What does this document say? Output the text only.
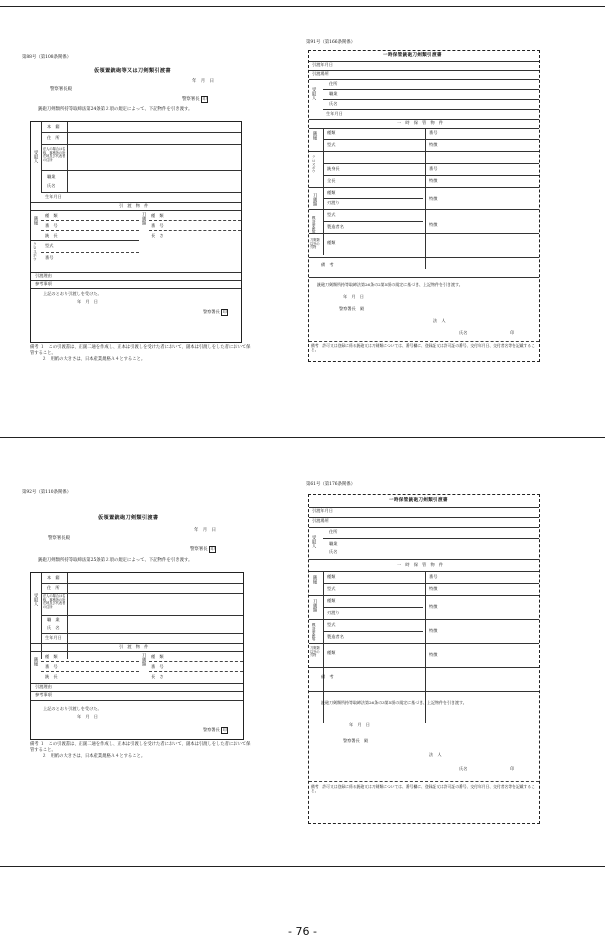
第88号（第108条関係）
仮領置銃砲等又は刀剣類引渡書
年　月　日
警察署長殿
警察署長 印
銃砲刀剣類所持等取締法第24条第２項の規定によって、下記物件を引き渡す。
受取人
本　籍
住　所
法人の場合は名称、事務所の所在地及び代表者の住所
職業
氏名
生年月日
引　渡　物　件
銃砲
種　類
番　号
銃　長
刀剣類 種　類
番　号
長　さ
クロスボウ 型式
番号
引渡理由
参考事項
上記のとおり引渡しを受けた。
年　月　日
警察署長 印
備考 １　この引渡書は、正副二通を作成し、正本は引渡しを受けた者において、副本は引渡しをした者において保管すること。
２　用紙の大きさは、日本産業規格Ａ４とすること。
第91号（第166条関係）
一時保管銃砲刀剣類引渡書
引渡年月日
引渡場所
受取人
住所
職業
氏名
生年月日
一　時　保　管　物　件
銃砲
クロスボウ
刀剣類
模造拳銃等
刀剣類以外の刃物
種類
型式
銃身長
全長
種類
刃渡り
型式
製造者名
種類
番号
特徴
番号
特徴
特徴
特徴
備　考
銃砲刀剣類所持等取締法第26条の2第5項の規定に基づき、上記物件を引き渡す。
年　月　日
警察署長　殿
法　人
氏名	印
備考　許可又は登録に係る銃砲又は刀剣類については、番号欄に、登録証又は許可証の番号、交付年月日、交付者名等を記載すること。
第92号（第110条関係）
仮領置銃砲刀剣類引渡書
年　月　日
警察署長殿
警察署長 印
銃砲刀剣類所持等取締法第25条第２項の規定によって、下記物件を引き渡す。
受取人
本　籍
住　所
法人の場合は名称、事務所の所在地及び代表者の住所
職　業
氏　名
生年月日
引　渡　物　件
銃砲
種　類
番　号
銃　長
刀剣類 種　類
番　号
長　さ
引渡理由
参考事項
上記のとおり引渡しを受けた。
年　月　日
警察署長 印
備考 １　この引渡書は、正副二通を作成し、正本は引渡しを受けた者において、副本は引渡しをした者において保管すること。
２　用紙の大きさは、日本産業規格Ａ４とすること。
第61号（第176条関係）
一時保管銃砲刀剣類引渡書
引渡年月日
引渡場所
受取人
住所
職業
氏名
一　時　保　管　物　件
銃砲
刀剣類
模造拳銃等
刀剣類以外の刃物
種類
型式
種類
刃渡り
型式
製造者名
種類
番号
特徴
特徴
特徴
特徴
備　考
銃砲刀剣類所持等取締法第26条の3第5項の規定に基づき、上記物件を引き渡す。
年　月　日
警察署長　殿
法　人
氏名	印
備考　許可又は登録に係る銃砲又は刀剣類については、番号欄に、登録証又は許可証の番号、交付年月日、交付者名等を記載すること。
- 76 -
